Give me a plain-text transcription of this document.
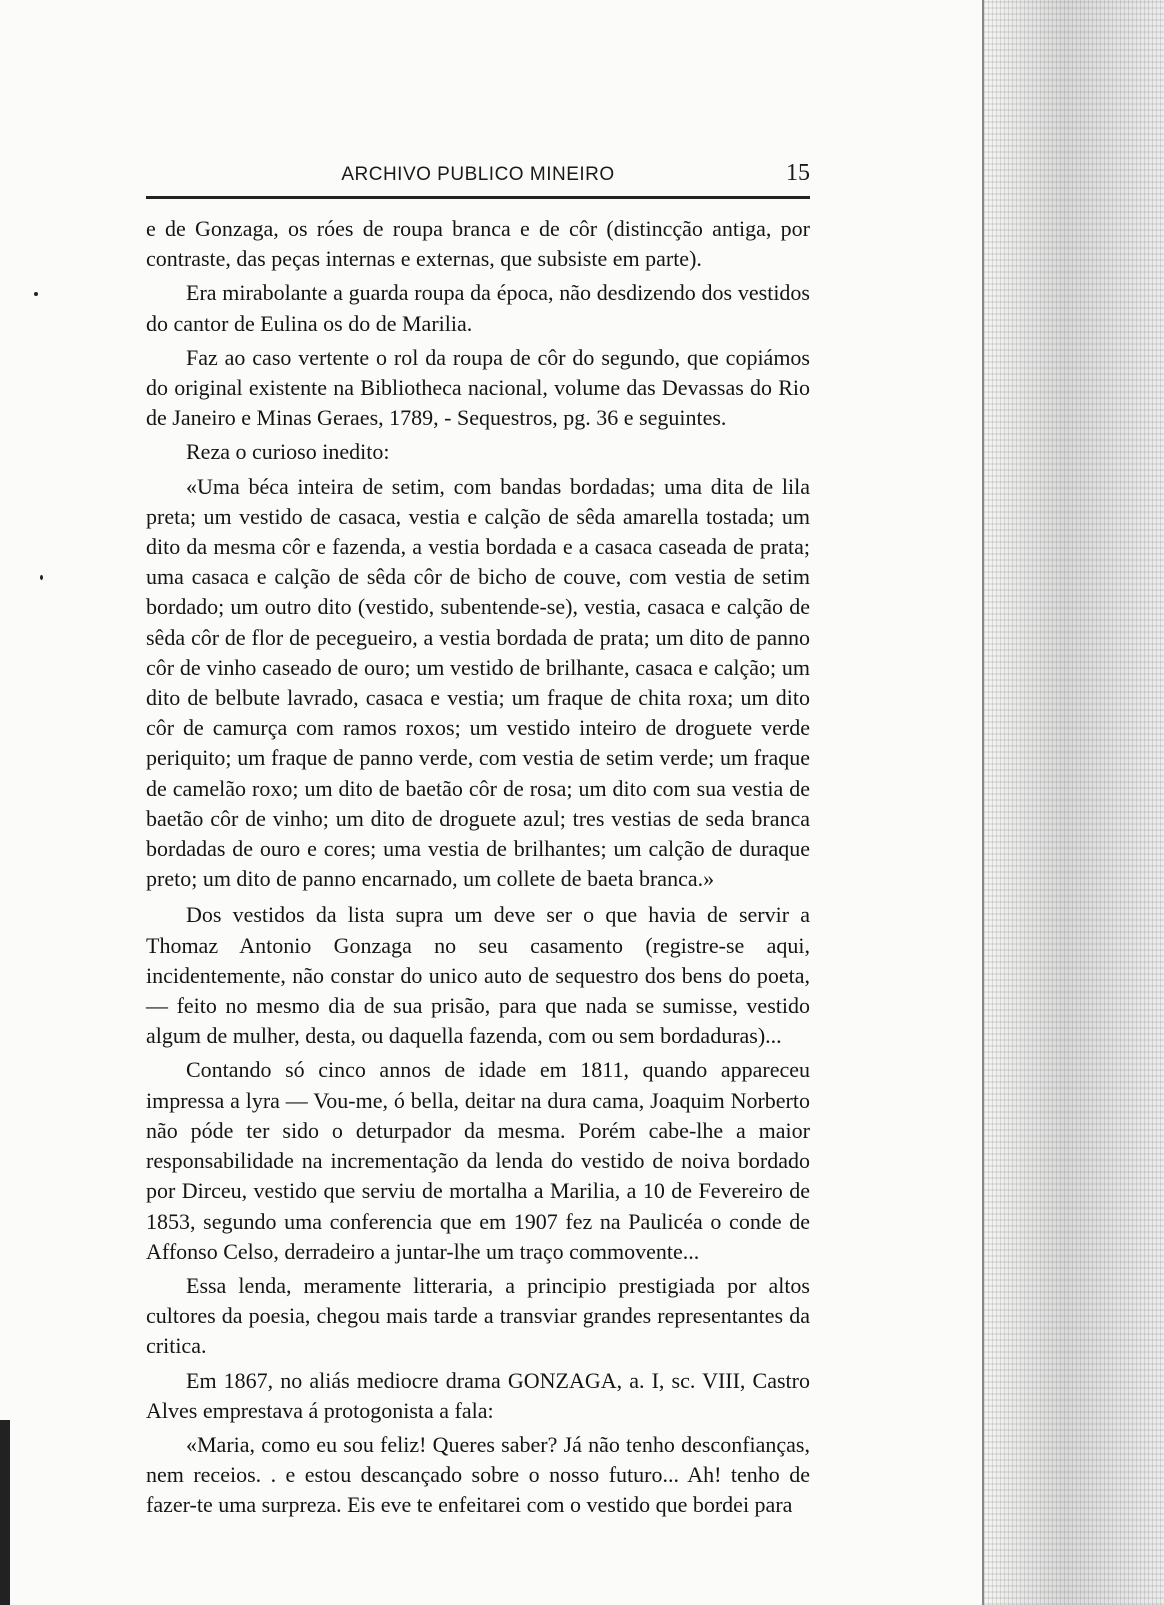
ARCHIVO PUBLICO MINEIRO	15

e de Gonzaga, os róes de roupa branca e de côr (distincção antiga, por contraste, das peças internas e externas, que subsiste em parte).

Era mirabolante a guarda roupa da época, não desdizendo dos vestidos do cantor de Eulina os do de Marilia.

Faz ao caso vertente o rol da roupa de côr do segundo, que copiámos do original existente na Bibliotheca nacional, volume das Devassas do Rio de Janeiro e Minas Geraes, 1789, - Sequestros, pg. 36 e seguintes.

Reza o curioso inedito:

«Uma béca inteira de setim, com bandas bordadas; uma dita de lila preta; um vestido de casaca, vestia e calção de sêda amarella tostada; um dito da mesma côr e fazenda, a vestia bordada e a casaca caseada de prata; uma casaca e calção de sêda côr de bicho de couve, com vestia de setim bordado; um outro dito (vestido, subentende-se), vestia, casaca e calção de sêda côr de flor de pecegueiro, a vestia bordada de prata; um dito de panno côr de vinho caseado de ouro; um vestido de brilhante, casaca e calção; um dito de belbute lavrado, casaca e vestia; um fraque de chita roxa; um dito côr de camurça com ramos roxos; um vestido inteiro de droguete verde periquito; um fraque de panno verde, com vestia de setim verde; um fraque de camelão roxo; um dito de baetão côr de rosa; um dito com sua vestia de baetão côr de vinho; um dito de droguete azul; tres vestias de seda branca bordadas de ouro e cores; uma vestia de brilhantes; um calção de duraque preto; um dito de panno encarnado, um collete de baeta branca.»

Dos vestidos da lista supra um deve ser o que havia de servir a Thomaz Antonio Gonzaga no seu casamento (registre-se aqui, incidentemente, não constar do unico auto de sequestro dos bens do poeta, — feito no mesmo dia de sua prisão, para que nada se sumisse, vestido algum de mulher, desta, ou daquella fazenda, com ou sem bordaduras)...

Contando só cinco annos de idade em 1811, quando appareceu impressa a lyra — Vou-me, ó bella, deitar na dura cama, Joaquim Norberto não póde ter sido o deturpador da mesma. Porém cabe-lhe a maior responsabilidade na incrementação da lenda do vestido de noiva bordado por Dirceu, vestido que serviu de mortalha a Marilia, a 10 de Fevereiro de 1853, segundo uma conferencia que em 1907 fez na Paulicéa o conde de Affonso Celso, derradeiro a juntar-lhe um traço commovente...

Essa lenda, meramente litteraria, a principio prestigiada por altos cultores da poesia, chegou mais tarde a transviar grandes representantes da critica.

Em 1867, no aliás mediocre drama GONZAGA, a. I, sc. VIII, Castro Alves emprestava á protogonista a fala:

«Maria, como eu sou feliz! Queres saber? Já não tenho desconfianças, nem receios. . e estou descançado sobre o nosso futuro... Ah! tenho de fazer-te uma surpreza. Eis eve te enfeitarei com o vestido que bordei para
